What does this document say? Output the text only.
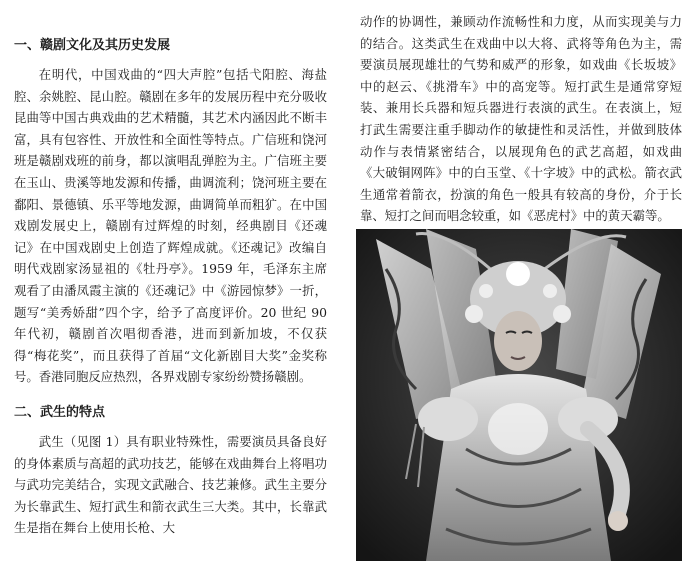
一、赣剧文化及其历史发展

在明代，中国戏曲的“四大声腔”包括弋阳腔、海盐腔、余姚腔、昆山腔。赣剧在多年的发展历程中充分吸收昆曲等中国古典戏曲的艺术精髓，其艺术内涵因此不断丰富，具有包容性、开放性和全面性等特点。广信班和饶河班是赣剧戏班的前身，都以演唱乱弹腔为主。广信班主要在玉山、贵溪等地发源和传播，曲调流利；饶河班主要在鄱阳、景德镇、乐平等地发源，曲调简单而粗犷。在中国戏剧发展史上，赣剧有过辉煌的时刻，经典剧目《还魂记》在中国戏剧史上创造了辉煌成就。《还魂记》改编自明代戏剧家汤显祖的《牡丹亭》。1959 年，毛泽东主席观看了由潘凤霞主演的《还魂记》中《游园惊梦》一折，题写“美秀娇甜”四个字，给予了高度评价。20 世纪 90 年代初，赣剧首次唱彻香港，进而到新加坡，不仅获得“梅花奖”，而且获得了首届“文化新剧目大奖”金奖称号。香港同胞反应热烈，各界戏剧专家纷纷赞扬赣剧。

二、武生的特点

武生（见图 1）具有职业特殊性，需要演员具备良好的身体素质与高超的武功技艺，能够在戏曲舞台上将唱功与武功完美结合，实现文武融合、技艺兼修。武生主要分为长靠武生、短打武生和箭衣武生三大类。其中，长靠武生是指在舞台上使用长枪、大

动作的协调性，兼顾动作流畅性和力度，从而实现美与力的结合。这类武生在戏曲中以大将、武将等角色为主，需要演员展现雄壮的气势和威严的形象，如戏曲《长坂坡》中的赵云、《挑滑车》中的高宠等。短打武生是通常穿短装、兼用长兵器和短兵器进行表演的武生。在表演上，短打武生需要注重手脚动作的敏捷性和灵活性，并做到肢体动作与表情紧密结合，以展现角色的武艺高超，如戏曲《大破铜网阵》中的白玉堂、《十字坡》中的武松。箭衣武生通常着箭衣，扮演的角色一般具有较高的身份，介于长靠、短打之间而唱念较重，如《恶虎村》中的黄天霸等。
